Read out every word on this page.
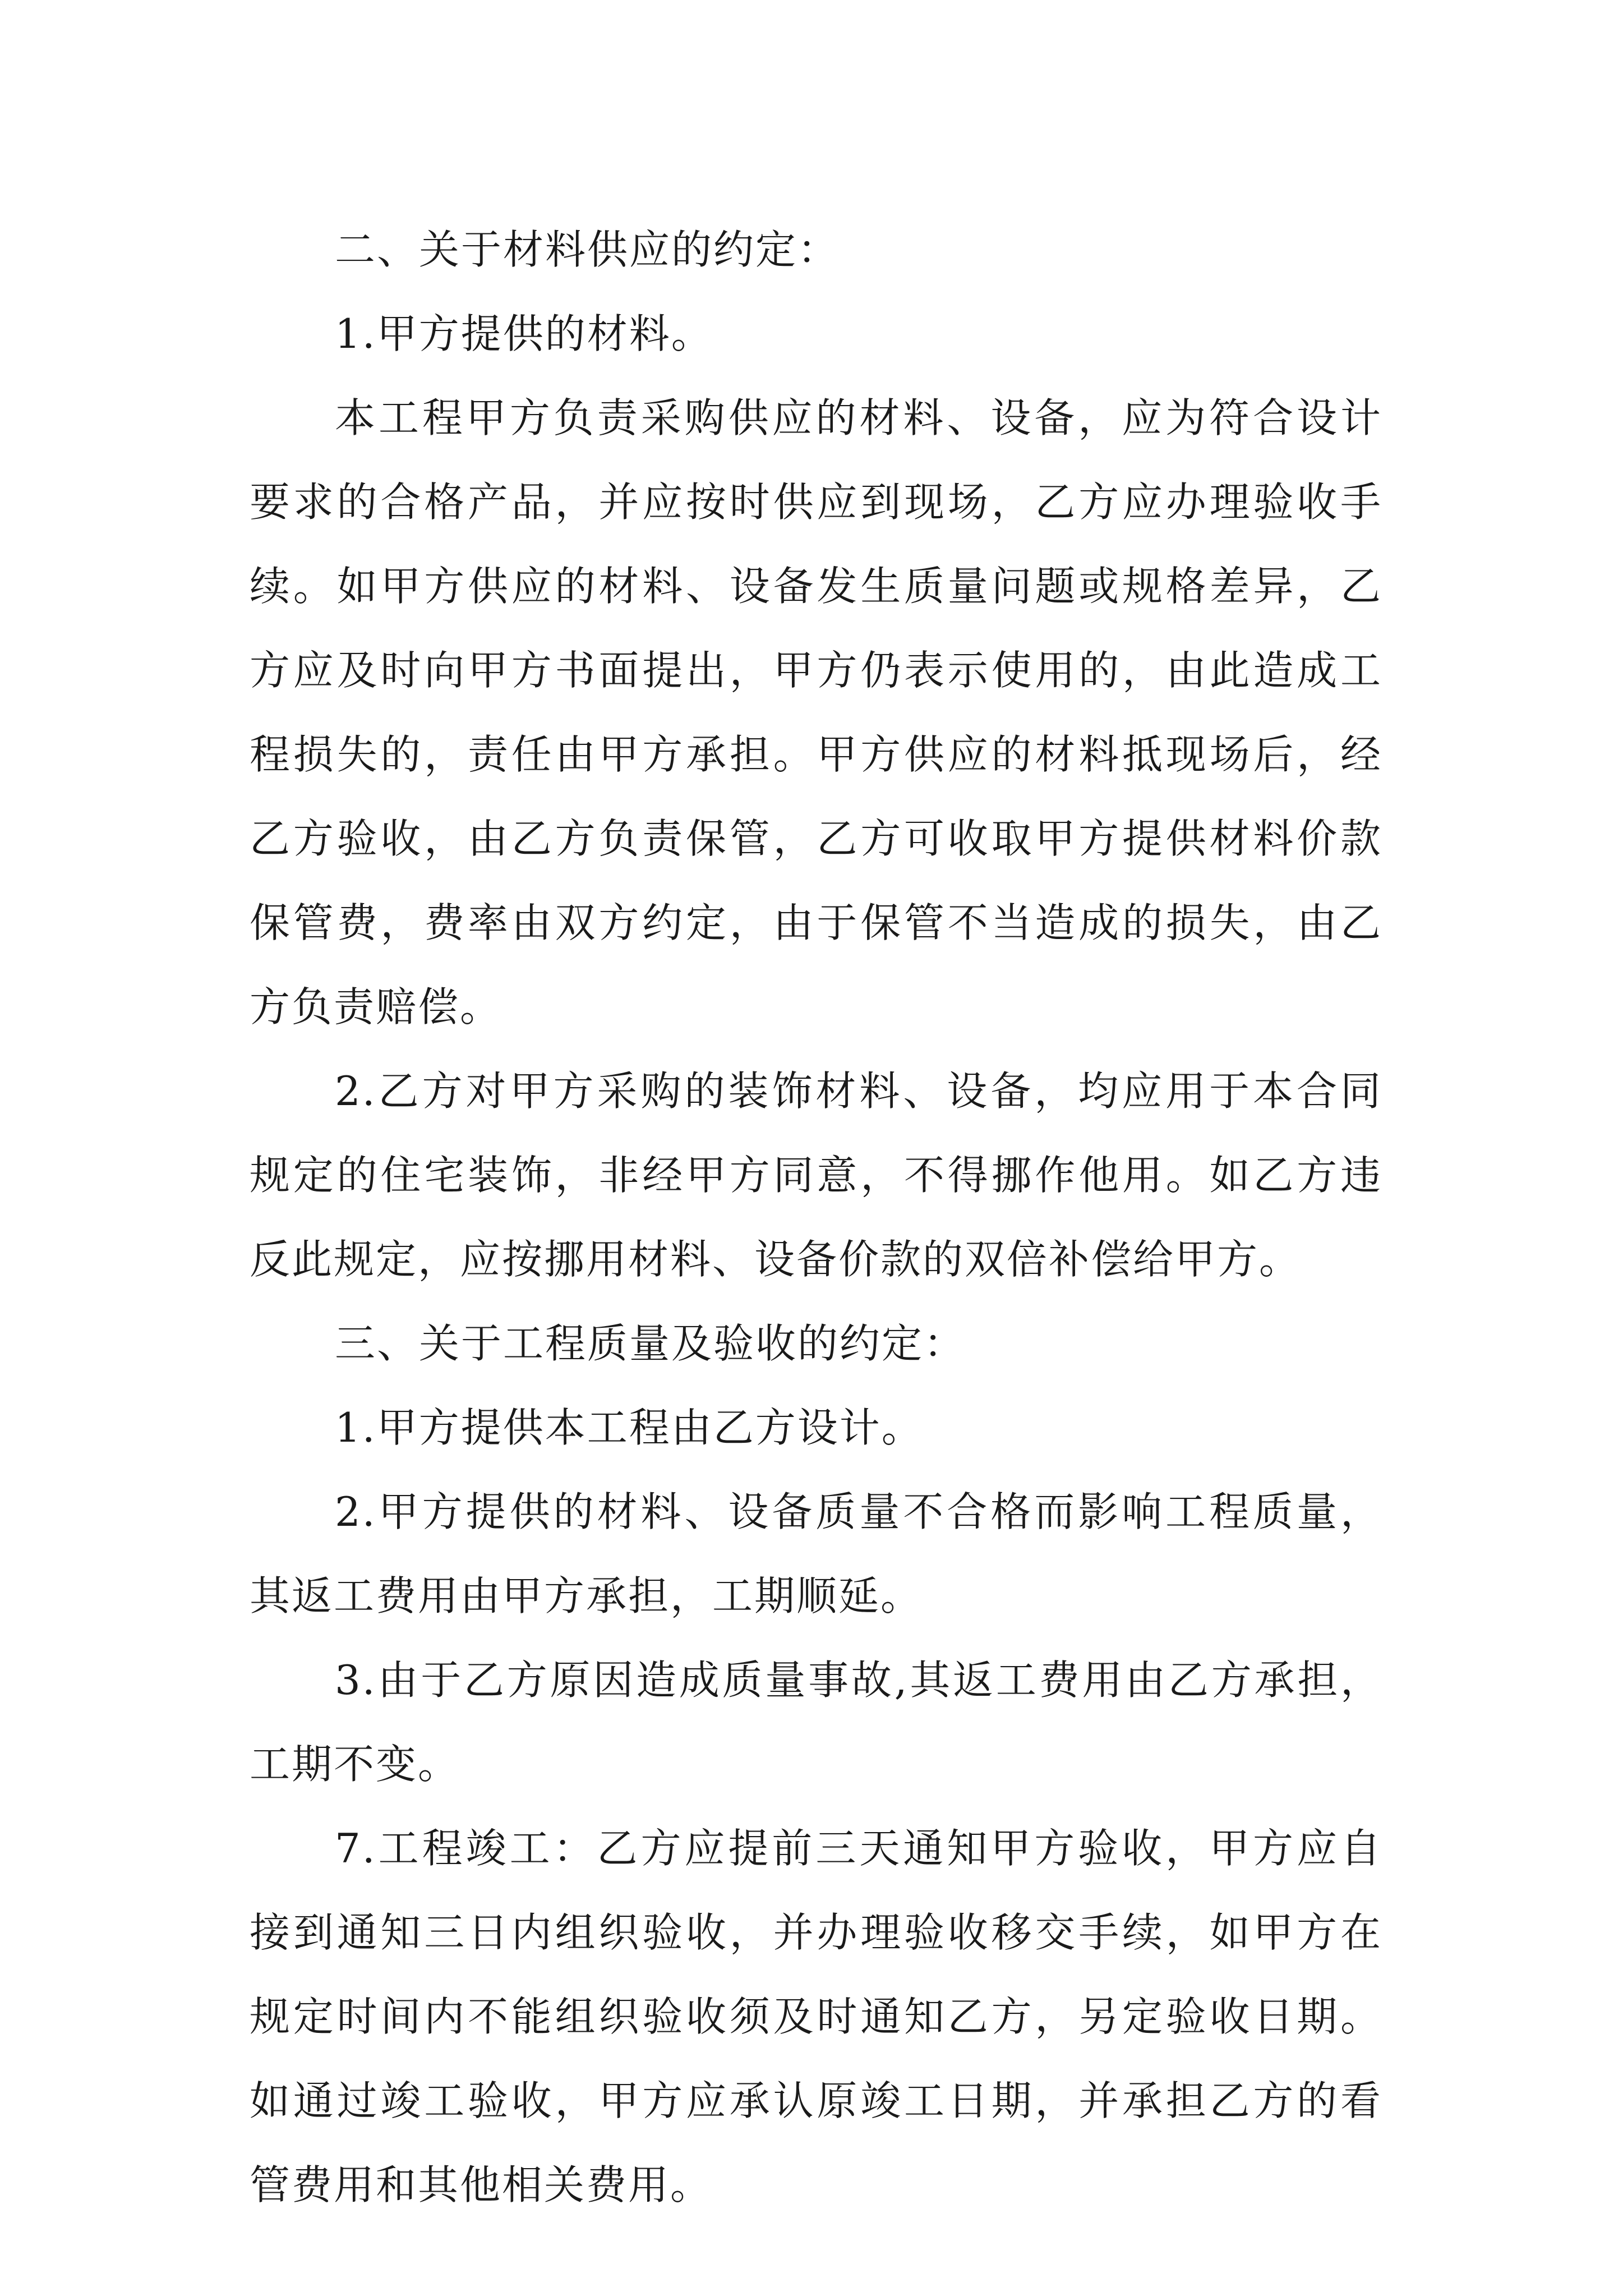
二、关于材料供应的约定：

1.甲方提供的材料。

本工程甲方负责采购供应的材料、设备，应为符合设计要求的合格产品，并应按时供应到现场，乙方应办理验收手续。如甲方供应的材料、设备发生质量问题或规格差异，乙方应及时向甲方书面提出，甲方仍表示使用的，由此造成工程损失的，责任由甲方承担。甲方供应的材料抵现场后，经乙方验收，由乙方负责保管，乙方可收取甲方提供材料价款保管费，费率由双方约定，由于保管不当造成的损失，由乙方负责赔偿。

2.乙方对甲方采购的装饰材料、设备，均应用于本合同规定的住宅装饰，非经甲方同意，不得挪作他用。如乙方违反此规定，应按挪用材料、设备价款的双倍补偿给甲方。

三、关于工程质量及验收的约定：

1.甲方提供本工程由乙方设计。

2.甲方提供的材料、设备质量不合格而影响工程质量，其返工费用由甲方承担，工期顺延。

3.由于乙方原因造成质量事故,其返工费用由乙方承担，工期不变。

7.工程竣工：乙方应提前三天通知甲方验收，甲方应自接到通知三日内组织验收，并办理验收移交手续，如甲方在规定时间内不能组织验收须及时通知乙方，另定验收日期。如通过竣工验收，甲方应承认原竣工日期，并承担乙方的看管费用和其他相关费用。
